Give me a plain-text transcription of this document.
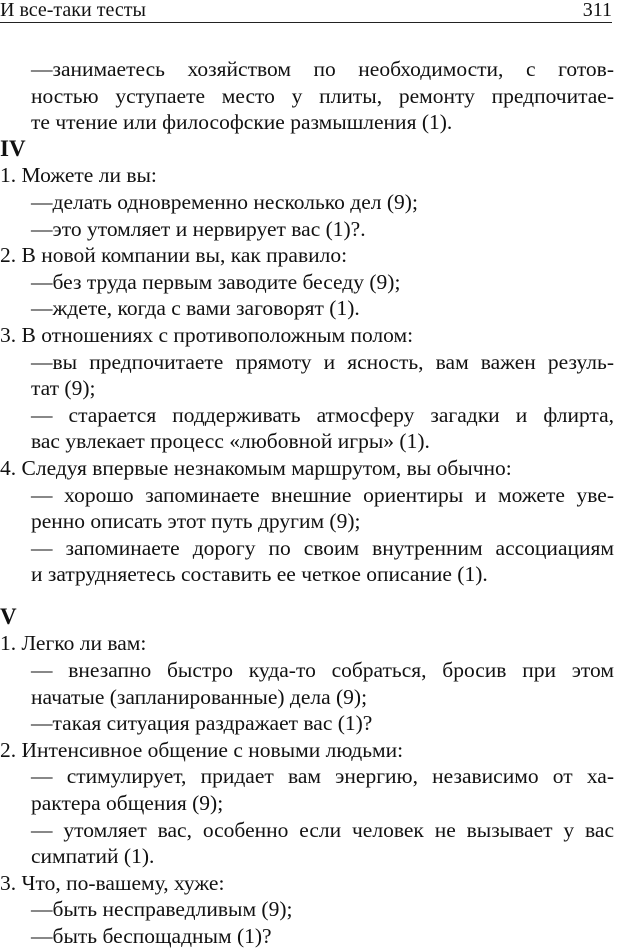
И все-таки тесты	311
—занимаетесь хозяйством по необходимости, с готов-
ностью уступаете место у плиты, ремонту предпочитае-
те чтение или философские размышления (1).
IV
1. Можете ли вы:
—делать одновременно несколько дел (9);
—это утомляет и нервирует вас (1)?.
2. В новой компании вы, как правило:
—без труда первым заводите беседу (9);
—ждете, когда с вами заговорят (1).
3. В отношениях с противоположным полом:
—вы предпочитаете прямоту и ясность, вам важен резуль-
тат (9);
— старается поддерживать атмосферу загадки и флирта,
вас увлекает процесс «любовной игры» (1).
4. Следуя впервые незнакомым маршрутом, вы обычно:
— хорошо запоминаете внешние ориентиры и можете уве-
ренно описать этот путь другим (9);
— запоминаете дорогу по своим внутренним ассоциациям
и затрудняетесь составить ее четкое описание (1).
V
1. Легко ли вам:
— внезапно быстро куда-то собраться, бросив при этом
начатые (запланированные) дела (9);
—такая ситуация раздражает вас (1)?
2. Интенсивное общение с новыми людьми:
— стимулирует, придает вам энергию, независимо от ха-
рактера общения (9);
— утомляет вас, особенно если человек не вызывает у вас
симпатий (1).
3. Что, по-вашему, хуже:
—быть несправедливым (9);
—быть беспощадным (1)?
